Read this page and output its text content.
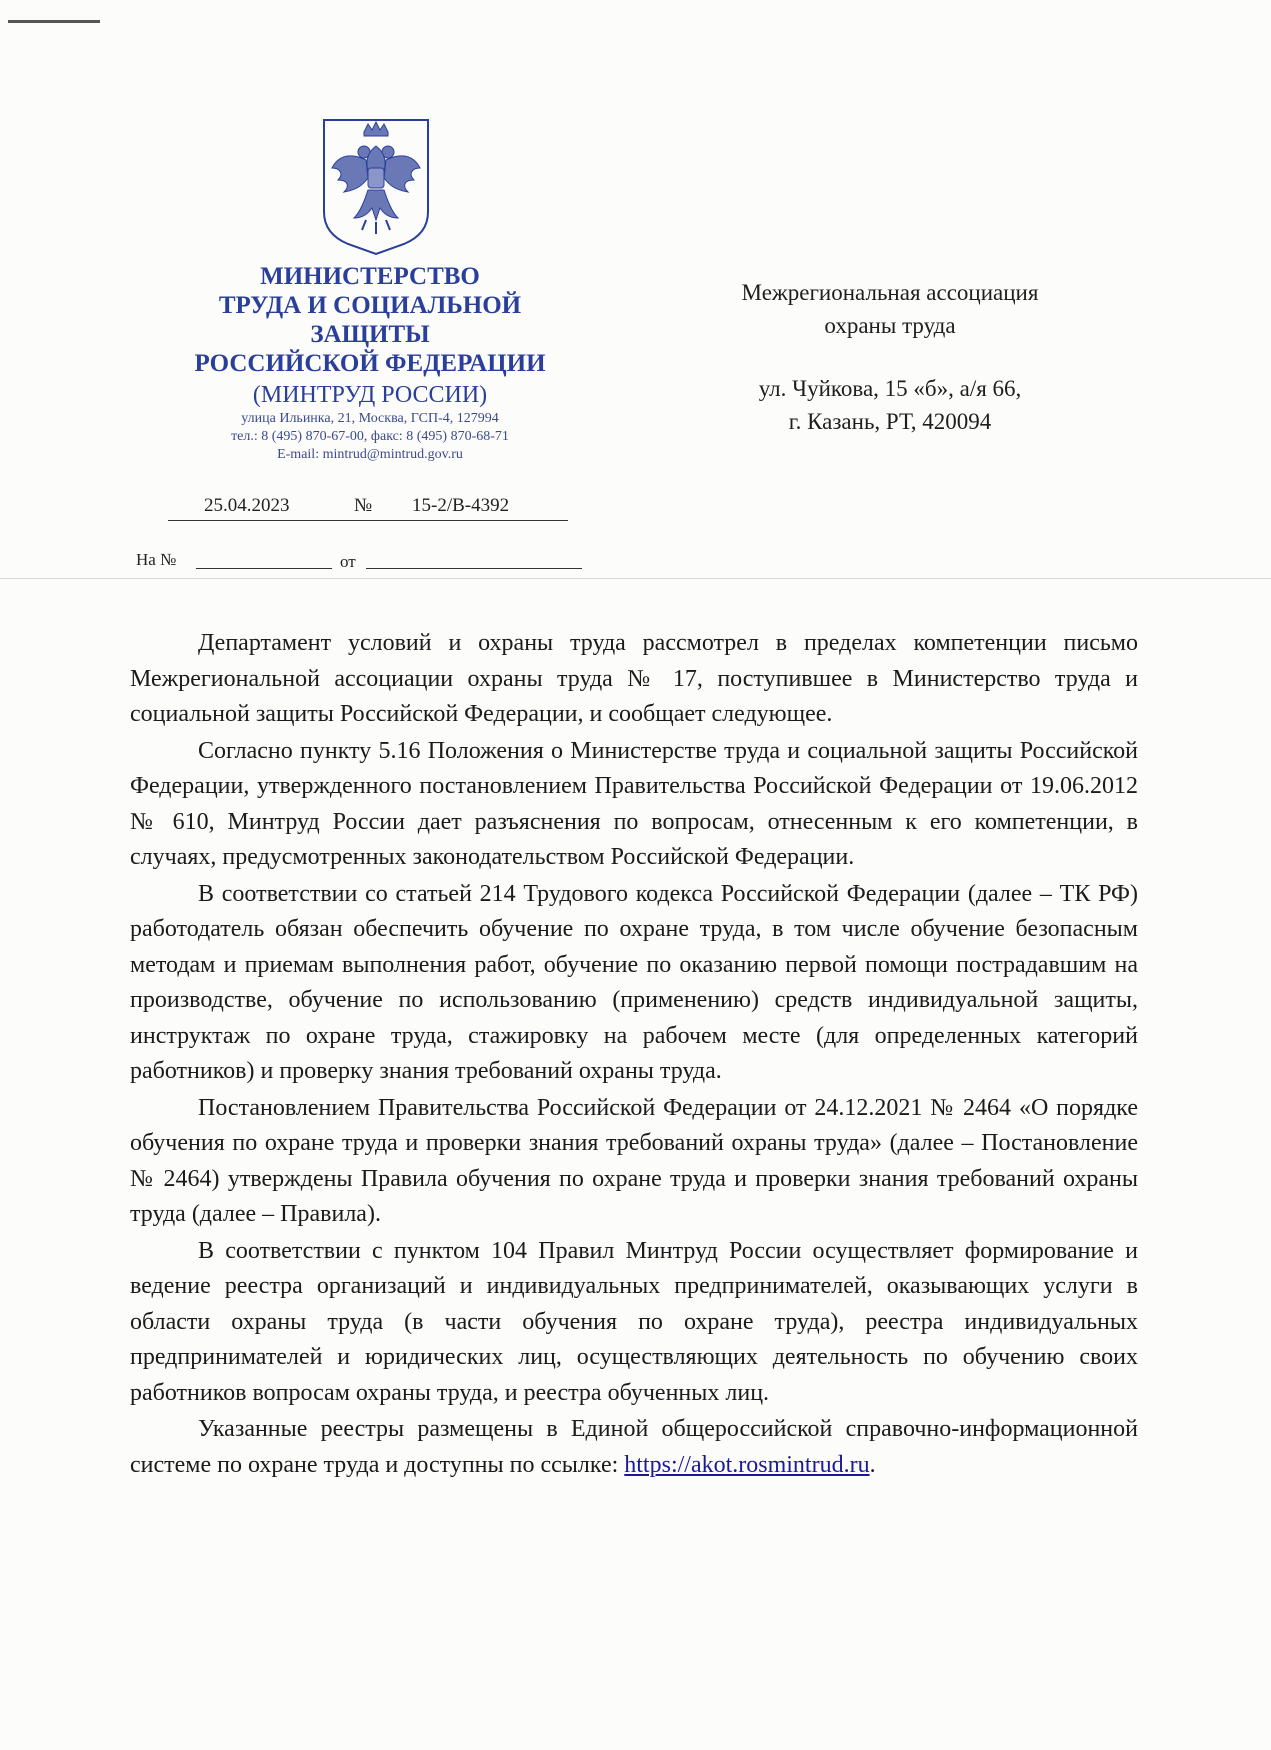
МИНИСТЕРСТВО
ТРУДА И СОЦИАЛЬНОЙ
ЗАЩИТЫ
РОССИЙСКОЙ ФЕДЕРАЦИИ
(МИНТРУД РОССИИ)
улица Ильинка, 21, Москва, ГСП-4, 127994
тел.: 8 (495) 870-67-00, факс: 8 (495) 870-68-71
E-mail: mintrud@mintrud.gov.ru
25.04.2023	№ 15-2/В-4392
На №	от
Межрегиональная ассоциация
охраны труда
ул. Чуйкова, 15 «б», а/я 66,
г. Казань, РТ, 420094

Департамент условий и охраны труда рассмотрел в пределах компетенции письмо Межрегиональной ассоциации охраны труда № 17, поступившее в Министерство труда и социальной защиты Российской Федерации, и сообщает следующее.

Согласно пункту 5.16 Положения о Министерстве труда и социальной защиты Российской Федерации, утвержденного постановлением Правительства Российской Федерации от 19.06.2012 № 610, Минтруд России дает разъяснения по вопросам, отнесенным к его компетенции, в случаях, предусмотренных законодательством Российской Федерации.

В соответствии со статьей 214 Трудового кодекса Российской Федерации (далее – ТК РФ) работодатель обязан обеспечить обучение по охране труда, в том числе обучение безопасным методам и приемам выполнения работ, обучение по оказанию первой помощи пострадавшим на производстве, обучение по использованию (применению) средств индивидуальной защиты, инструктаж по охране труда, стажировку на рабочем месте (для определенных категорий работников) и проверку знания требований охраны труда.

Постановлением Правительства Российской Федерации от 24.12.2021 № 2464 «О порядке обучения по охране труда и проверки знания требований охраны труда» (далее – Постановление № 2464) утверждены Правила обучения по охране труда и проверки знания требований охраны труда (далее – Правила).

В соответствии с пунктом 104 Правил Минтруд России осуществляет формирование и ведение реестра организаций и индивидуальных предпринимателей, оказывающих услуги в области охраны труда (в части обучения по охране труда), реестра индивидуальных предпринимателей и юридических лиц, осуществляющих деятельность по обучению своих работников вопросам охраны труда, и реестра обученных лиц.

Указанные реестры размещены в Единой общероссийской справочно-информационной системе по охране труда и доступны по ссылке: https://akot.rosmintrud.ru.
